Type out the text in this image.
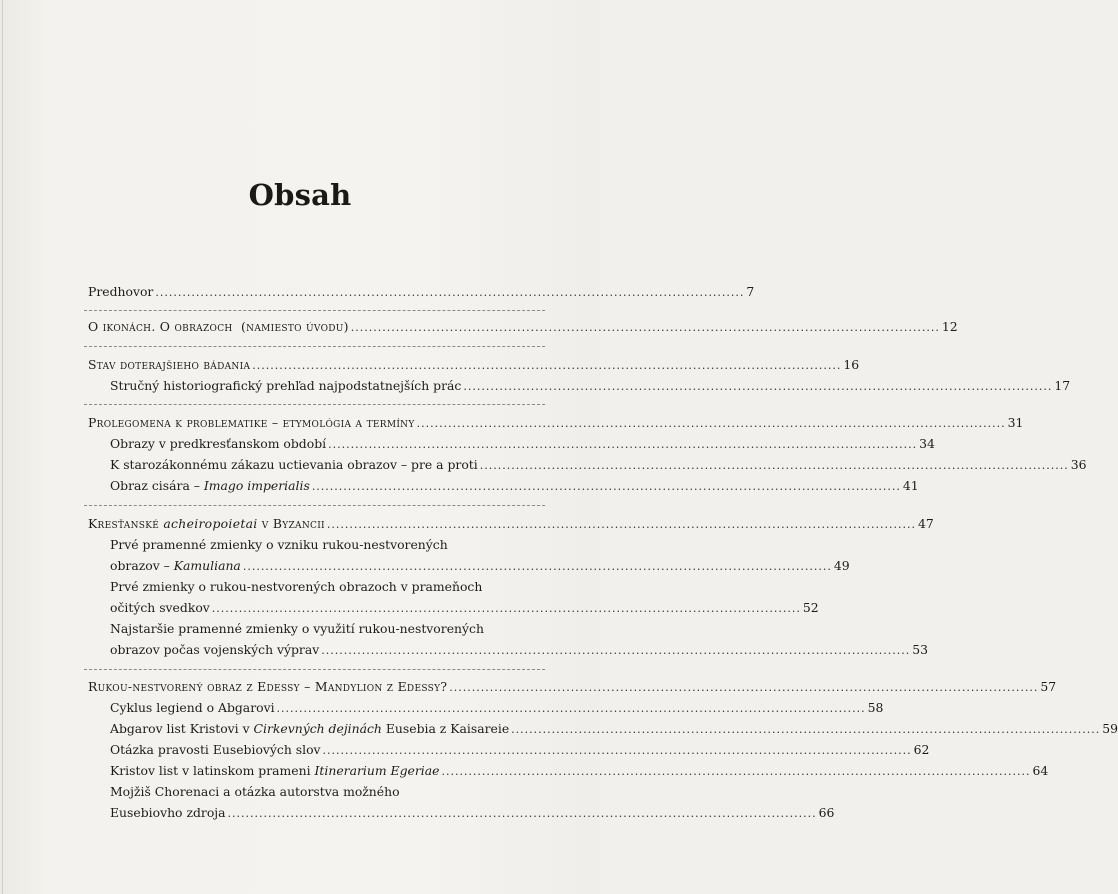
Obsah
Predhovor ................................................................................................................................... 7
O ikonách. O obrazoch (namiesto úvodu) ................................................................................................................................... 12
Stav doterajšieho bádania ................................................................................................................................... 16
Stručný historiografický prehľad najpodstatnejších prác ................................................................................................................................... 17
Prolegomena k problematike – etymológia a termíny ................................................................................................................................... 31
Obrazy v predkresťanskom období ................................................................................................................................... 34
K starozákonnému zákazu uctievania obrazov – pre a proti ................................................................................................................................... 36
Obraz cisára – Imago imperialis ................................................................................................................................... 41
Kresťanské acheiropoietai v Byzancii ................................................................................................................................... 47
Prvé pramenné zmienky o vzniku rukou-nestvorených
obrazov – Kamuliana ................................................................................................................................... 49
Prvé zmienky o rukou-nestvorených obrazoch v prameňoch
očitých svedkov ................................................................................................................................... 52
Najstaršie pramenné zmienky o využití rukou-nestvorených
obrazov počas vojenských výprav ................................................................................................................................... 53
Rukou-nestvorený obraz z Edessy – Mandylion z Edessy? ................................................................................................................................... 57
Cyklus legiend o Abgarovi ................................................................................................................................... 58
Abgarov list Kristovi v Cirkevných dejinách Eusebia z Kaisareie ................................................................................................................................... 59
Otázka pravosti Eusebiových slov ................................................................................................................................... 62
Kristov list v latinskom prameni Itinerarium Egeriae ................................................................................................................................... 64
Mojžiš Chorenaci a otázka autorstva možného
Eusebiovho zdroja ................................................................................................................................... 66
